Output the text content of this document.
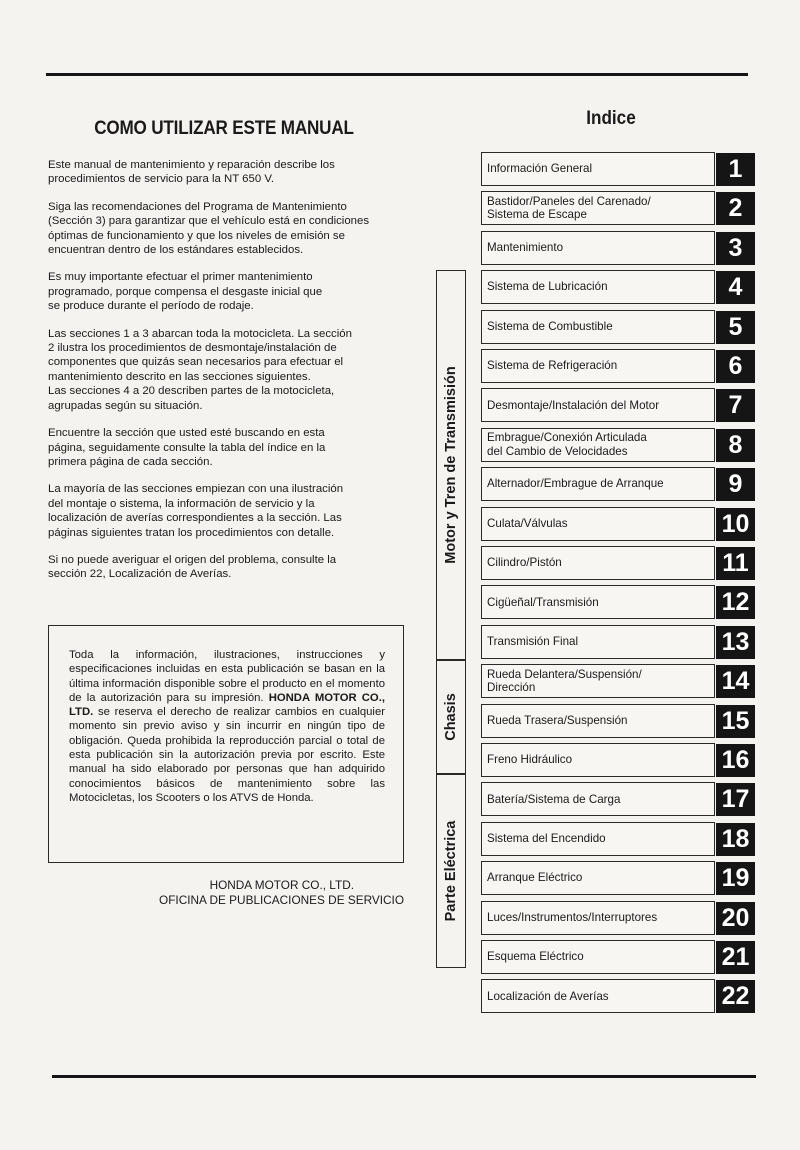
COMO UTILIZAR ESTE MANUAL
Este manual de mantenimiento y reparación describe los
procedimientos de servicio para la NT 650 V.
Siga las recomendaciones del Programa de Mantenimiento
(Sección 3) para garantizar que el vehículo está en condiciones
óptimas de funcionamiento y que los niveles de emisión se
encuentran dentro de los estándares establecidos.
Es muy importante efectuar el primer mantenimiento
programado, porque compensa el desgaste inicial que
se produce durante el período de rodaje.
Las secciones 1 a 3 abarcan toda la motocicleta. La sección
2 ilustra los procedimientos de desmontaje/instalación de
componentes que quizás sean necesarios para efectuar el
mantenimiento descrito en las secciones siguientes.
Las secciones 4 a 20 describen partes de la motocicleta,
agrupadas según su situación.
Encuentre la sección que usted esté buscando en esta
página, seguidamente consulte la tabla del índice en la
primera página de cada sección.
La mayoría de las secciones empiezan con una ilustración
del montaje o sistema, la información de servicio y la
localización de averías correspondientes a la sección. Las
páginas siguientes tratan los procedimientos con detalle.
Si no puede averiguar el origen del problema, consulte la
sección 22, Localización de Averías.
Toda la información, ilustraciones, instrucciones y especificaciones incluidas en esta publicación se basan en la última información disponible sobre el producto en el momento de la autorización para su impresión. HONDA MOTOR CO., LTD. se reserva el derecho de realizar cambios en cualquier momento sin previo aviso y sin incurrir en ningún tipo de obligación. Queda prohibida la reproducción parcial o total de esta publicación sin la autorización previa por escrito. Este manual ha sido elaborado por personas que han adquirido conocimientos básicos de mantenimiento sobre las Motocicletas, los Scooters o los ATVS de Honda.
HONDA MOTOR CO., LTD.
OFICINA DE PUBLICACIONES DE SERVICIO
Indice
Motor y Tren de Transmisión
Chasis
Parte Eléctrica
Información General	1
Bastidor/Paneles del Carenado/
Sistema de Escape	2
Mantenimiento	3
Sistema de Lubricación	4
Sistema de Combustible	5
Sistema de Refrigeración	6
Desmontaje/Instalación del Motor	7
Embrague/Conexión Articulada
del Cambio de Velocidades	8
Alternador/Embrague de Arranque	9
Culata/Válvulas	10
Cilindro/Pistón	11
Cigüeñal/Transmisión	12
Transmisión Final	13
Rueda Delantera/Suspensión/
Dirección	14
Rueda Trasera/Suspensión	15
Freno Hidráulico	16
Batería/Sistema de Carga	17
Sistema del Encendido	18
Arranque Eléctrico	19
Luces/Instrumentos/Interruptores	20
Esquema Eléctrico	21
Localización de Averías	22
